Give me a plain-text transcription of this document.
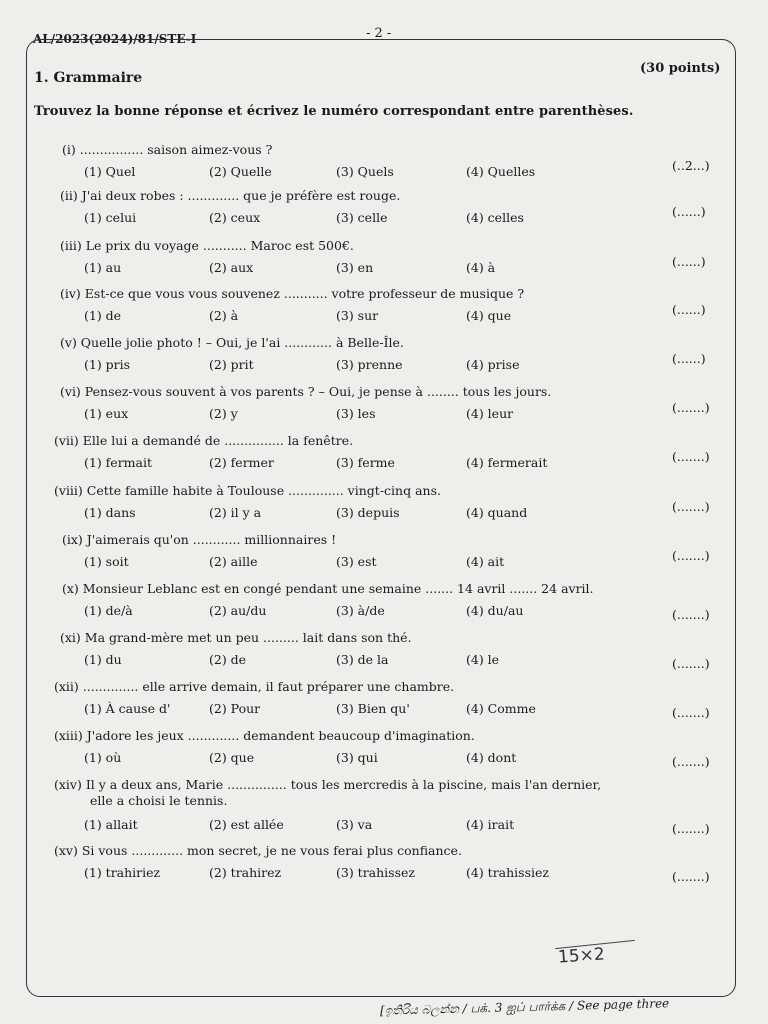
AL/2023(2024)/81/STE-I	- 2 -
1. Grammaire
(30 points)
Trouvez la bonne réponse et écrivez le numéro correspondant entre parenthèses.
(i) ................ saison aimez-vous ?
(1) Quel	(2) Quelle	(3) Quels	(4) Quelles	(..2...)
(ii) J'ai deux robes : ............. que je préfère est rouge.
(1) celui	(2) ceux	(3) celle	(4) celles	(......)
(iii) Le prix du voyage ........... Maroc est 500€.
(1) au	(2) aux	(3) en	(4) à	(......)
(iv) Est-ce que vous vous souvenez ........... votre professeur de musique ?
(1) de	(2) à	(3) sur	(4) que	(......)
(v) Quelle jolie photo ! – Oui, je l'ai ............ à Belle-Île.
(1) pris	(2) prit	(3) prenne	(4) prise	(......)
(vi) Pensez-vous souvent à vos parents ? – Oui, je pense à ........ tous les jours.
(1) eux	(2) y	(3) les	(4) leur	(.......)
(vii) Elle lui a demandé de ............... la fenêtre.
(1) fermait	(2) fermer	(3) ferme	(4) fermerait	(.......)
(viii) Cette famille habite à Toulouse .............. vingt-cinq ans.
(1) dans	(2) il y a	(3) depuis	(4) quand	(.......)
(ix) J'aimerais qu'on ............ millionnaires !
(1) soit	(2) aille	(3) est	(4) ait	(.......)
(x) Monsieur Leblanc est en congé pendant une semaine ....... 14 avril ....... 24 avril.
(1) de/à	(2) au/du	(3) à/de	(4) du/au	(.......)
(xi) Ma grand-mère met un peu ......... lait dans son thé.
(1) du	(2) de	(3) de la	(4) le	(.......)
(xii) .............. elle arrive demain, il faut préparer une chambre.
(1) À cause d'	(2) Pour	(3) Bien qu'	(4) Comme	(.......)
(xiii) J'adore les jeux ............. demandent beaucoup d'imagination.
(1) où	(2) que	(3) qui	(4) dont	(.......)
(xiv) Il y a deux ans, Marie ............... tous les mercredis à la piscine, mais l'an dernier,
elle a choisi le tennis.
(1) allait	(2) est allée	(3) va	(4) irait	(.......)
(xv) Si vous ............. mon secret, je ne vous ferai plus confiance.
(1) trahiriez	(2) trahirez	(3) trahissez	(4) trahissiez	(.......)
15×2
[ඉතිරිය බලන්න / பக். 3 ஐப் பார்க்க / See page three
